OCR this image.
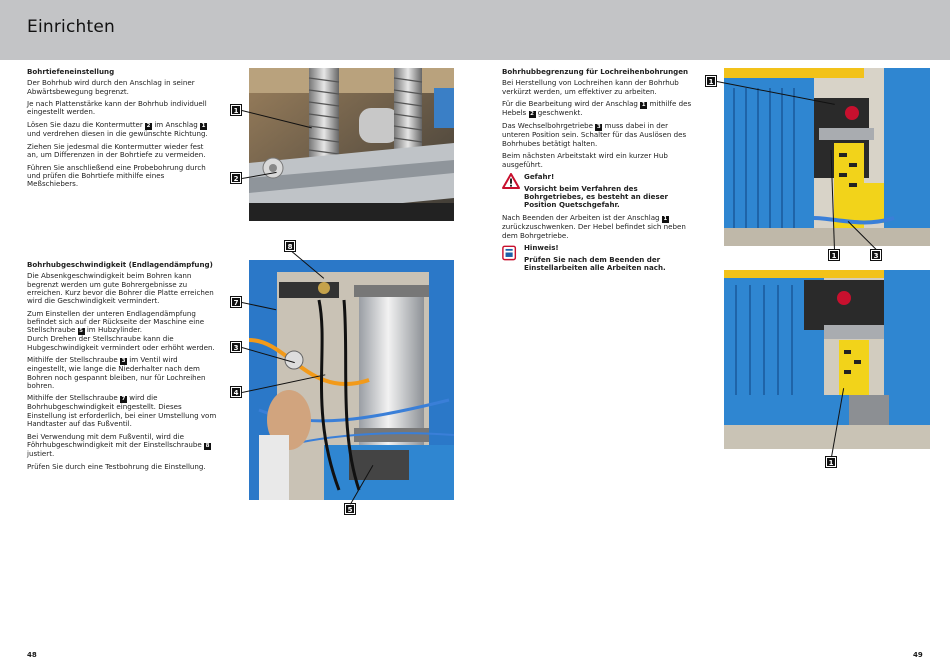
Einrichten
Bohrtiefeneinstellung

Der Bohrhub wird durch den Anschlag in seiner Abwärtsbewegung begrenzt.

Je nach Plattenstärke kann der Bohrhub individuell eingestellt werden.

Lösen Sie dazu die Kontermutter 2 im Anschlag 1 und verdrehen diesen in die gewünschte Richtung.

Ziehen Sie jedesmal die Kontermutter wieder fest an, um Differenzen in der Bohrtiefe zu vermeiden.

Führen Sie anschließend eine Probebohrung durch und prüfen die Bohrtiefe mithilfe eines Meßschiebers.

Bohrhubgeschwindigkeit (Endlagendämpfung)

Die Absenkgeschwindigkeit beim Bohren kann begrenzt werden um gute Bohrergebnisse zu erreichen. Kurz bevor die Bohrer die Platte erreichen wird die Geschwindigkeit vermindert.

Zum Einstellen der unteren Endlagendämpfung befindet sich auf der Rückseite der Maschine eine Stellschraube 5 im Hubzylinder.

Durch Drehen der Stellschraube kann die Hubgeschwindigkeit vermindert oder erhöht werden.

Mithilfe der Stellschraube 3 im Ventil wird eingestellt, wie lange die Niederhalter nach dem Bohren noch gespannt bleiben, nur für Lochreihen bohren.

Mithilfe der Stellschraube 7 wird die Bohrhubgeschwindigkeit eingestellt. Dieses Einstellung ist erforderlich, bei einer Umstellung vom Handtaster auf das Fußventil.

Bei Verwendung mit dem Fußventil, wird die Föhrhubgeschwindigkeit mit der Einstellschraube 8 justiert.

Prüfen Sie durch eine Testbohrung die Einstellung.

1
2
8
7
3
4
5
Bohrhubbegrenzung für Lochreihenbohrungen

Bei Herstellung von Lochreihen kann der Bohrhub verkürzt werden, um effektiver zu arbeiten.

Für die Bearbeitung wird der Anschlag 1 mithilfe des Hebels 2 geschwenkt.

Das Wechselbohrgetriebe 3 muss dabei in der unteren Position sein. Schalter für das Auslösen des Bohrhubes betätigt halten.

Beim nächsten Arbeitstakt wird ein kurzer Hub ausgeführt.

Gefahr!
Vorsicht beim Verfahren des Bohrgetriebes, es besteht an dieser Position Quetschgefahr.

Nach Beenden der Arbeiten ist der Anschlag 1 zurückzuschwenken. Der Hebel befindet sich neben dem Bohrgetriebe.

Hinweis!
Prüfen Sie nach dem Beenden der Einstellarbeiten alle Arbeiten nach.
1
1	3
1
48	49
